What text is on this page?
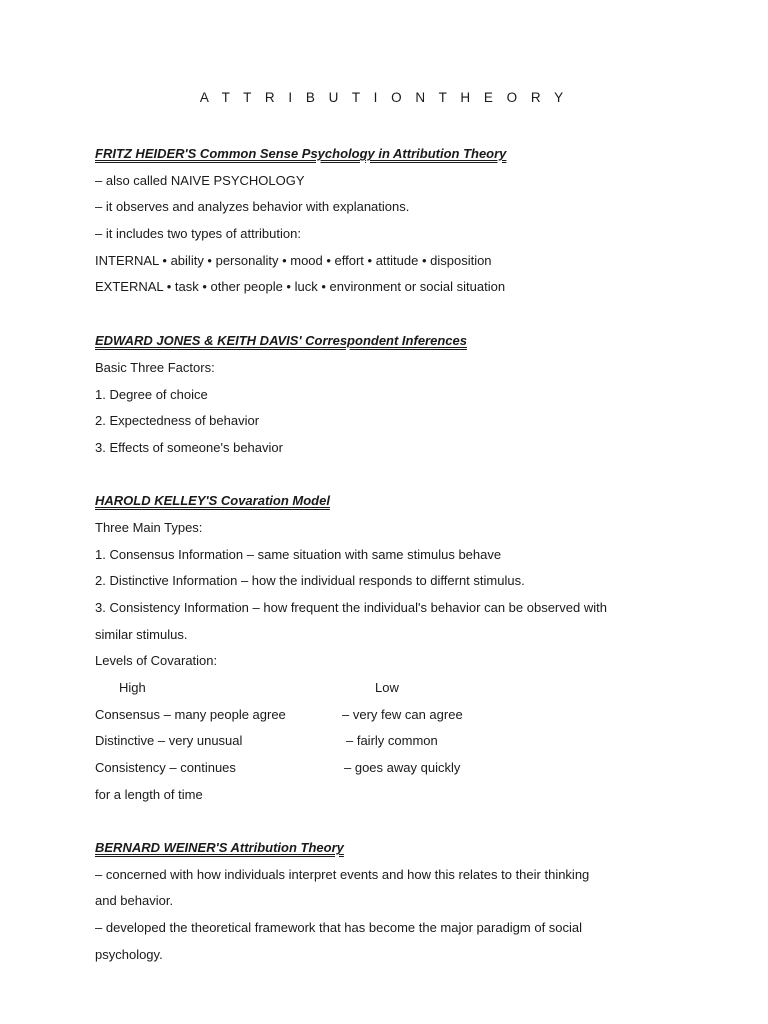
A T T R I B U T I O N T H E O R Y
FRITZ HEIDER'S Common Sense Psychology in Attribution Theory
– also called NAIVE PSYCHOLOGY
– it observes and analyzes behavior with explanations.
– it includes two types of attribution:
INTERNAL • ability • personality • mood • effort • attitude • disposition
EXTERNAL • task • other people • luck • environment or social situation
EDWARD JONES & KEITH DAVIS' Correspondent Inferences
Basic Three Factors:
1. Degree of choice
2. Expectedness of behavior
3. Effects of someone's behavior
HAROLD KELLEY'S Covaration Model
Three Main Types:
1. Consensus Information – same situation with same stimulus behave
2. Distinctive Information – how the individual responds to differnt stimulus.
3. Consistency Information – how frequent the individual's behavior can be observed with
similar stimulus.
Levels of Covaration:
High	Low
Consensus – many people agree	– very few can agree
Distinctive – very unusual	– fairly common
Consistency – continues	– goes away quickly
for a length of time
BERNARD WEINER'S Attribution Theory
– concerned with how individuals interpret events and how this relates to their thinking
and behavior.
– developed the theoretical framework that has become the major paradigm of social
psychology.
